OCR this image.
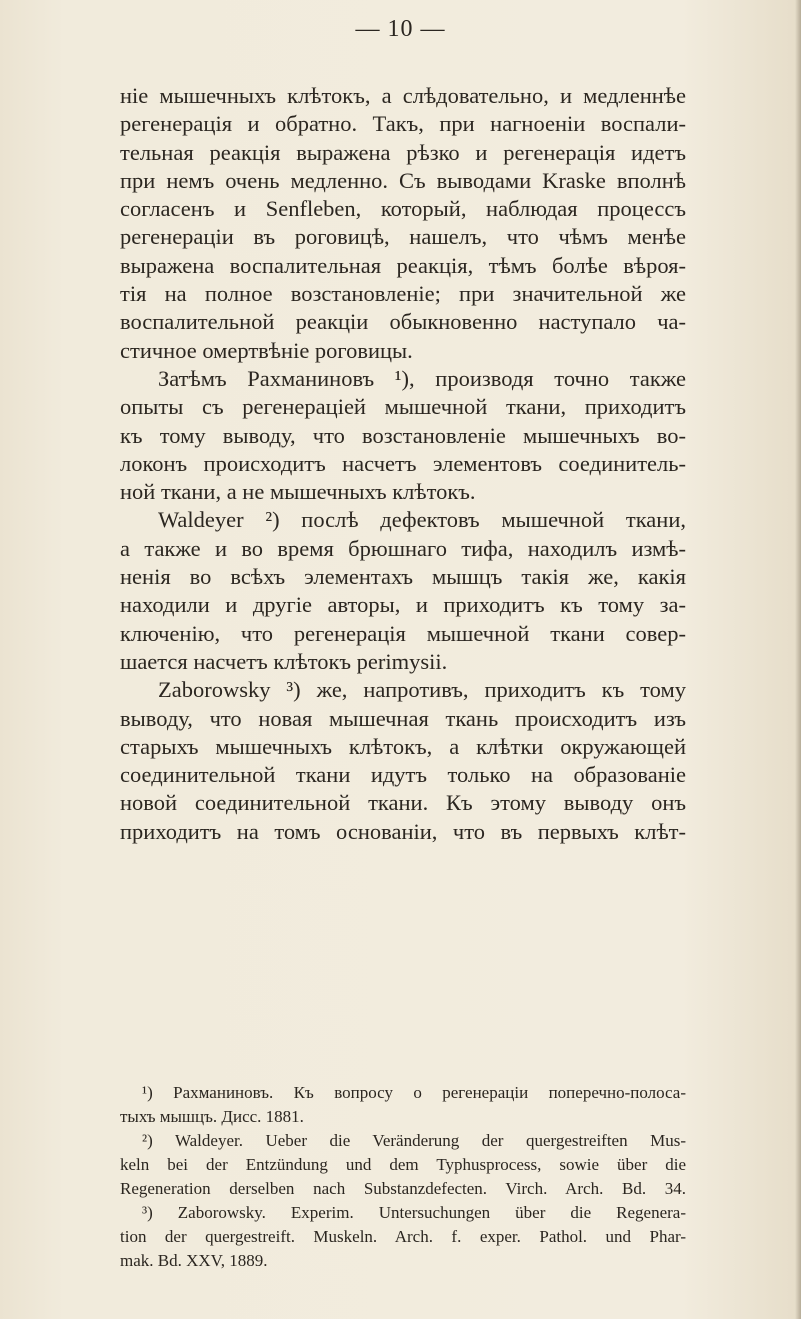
— 10 —
ніе мышечныхъ клѣтокъ, а слѣдовательно, и медленнѣе
регенерація и обратно. Такъ, при нагноеніи воспали-
тельная реакція выражена рѣзко и регенерація идетъ
при немъ очень медленно. Съ выводами Kraske вполнѣ
согласенъ и Senfleben, который, наблюдая процессъ
регенераціи въ роговицѣ, нашелъ, что чѣмъ менѣе
выражена воспалительная реакція, тѣмъ болѣе вѣроя-
тія на полное возстановленіе; при значительной же
воспалительной реакціи обыкновенно наступало ча-
стичное омертвѣніе роговицы.
Затѣмъ Рахманиновъ ¹), производя точно также
опыты съ регенераціей мышечной ткани, приходитъ
къ тому выводу, что возстановленіе мышечныхъ во-
локонъ происходитъ насчетъ элементовъ соединитель-
ной ткани, а не мышечныхъ клѣтокъ.
Waldeyer ²) послѣ дефектовъ мышечной ткани,
а также и во время брюшнаго тифа, находилъ измѣ-
ненія во всѣхъ элементахъ мышцъ такія же, какія
находили и другіе авторы, и приходитъ къ тому за-
ключенію, что регенерація мышечной ткани совер-
шается насчетъ клѣтокъ perimysii.
Zaborowsky ³) же, напротивъ, приходитъ къ тому
выводу, что новая мышечная ткань происходитъ изъ
старыхъ мышечныхъ клѣтокъ, а клѣтки окружающей
соединительной ткани идутъ только на образованіе
новой соединительной ткани. Къ этому выводу онъ
приходитъ на томъ основаніи, что въ первыхъ клѣт-
¹) Рахманиновъ. Къ вопросу о регенераціи поперечно-полоса-
тыхъ мышцъ. Дисс. 1881.
²) Waldeyer. Ueber die Veränderung der quergestreiften Mus-
keln bei der Entzündung und dem Typhusprocess, sowie über die
Regeneration derselben nach Substanzdefecten. Virch. Arch. Bd. 34.
³) Zaborowsky. Experim. Untersuchungen über die Regenera-
tion der quergestreift. Muskeln. Arch. f. exper. Pathol. und Phar-
mak. Bd. XXV, 1889.
